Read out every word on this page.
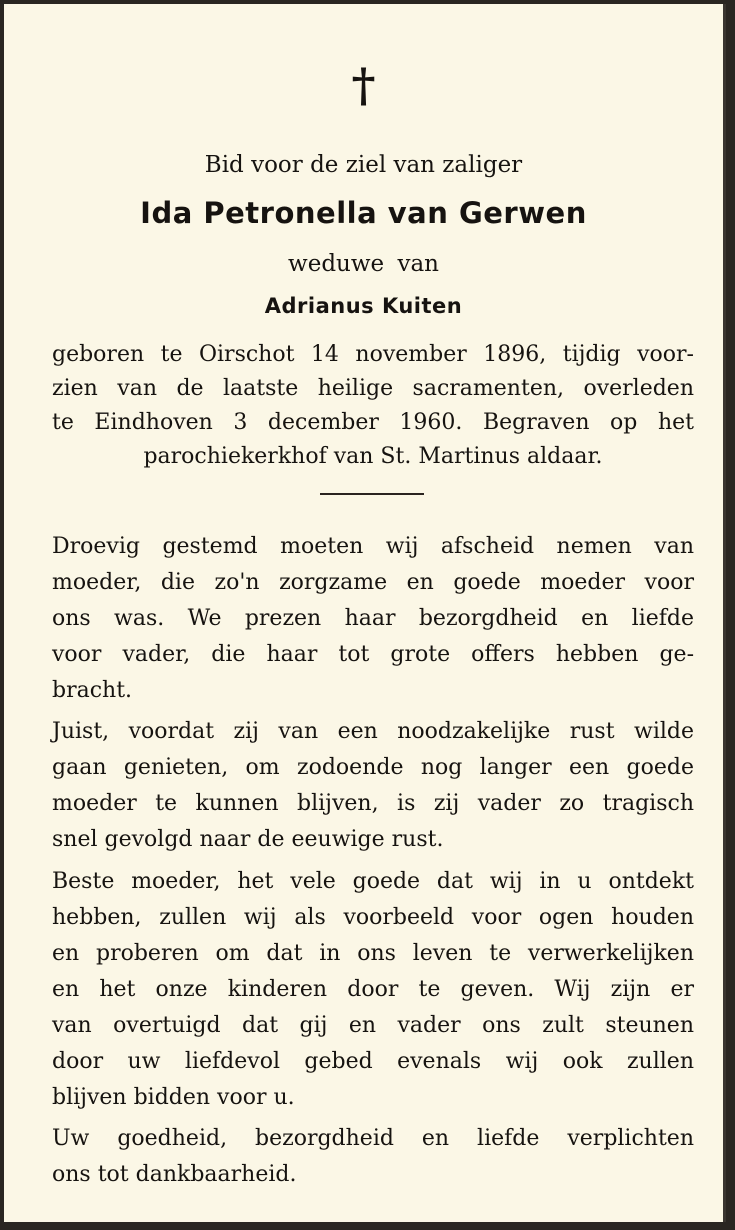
†
Bid voor de ziel van zaliger
Ida Petronella van Gerwen
weduwe van
Adrianus Kuiten
geboren te Oirschot 14 november 1896, tijdig voor-
zien van de laatste heilige sacramenten, overleden
te Eindhoven 3 december 1960. Begraven op het
parochiekerkhof van St. Martinus aldaar.
Droevig gestemd moeten wij afscheid nemen van
moeder, die zo'n zorgzame en goede moeder voor
ons was. We prezen haar bezorgdheid en liefde
voor vader, die haar tot grote offers hebben ge-
bracht.
Juist, voordat zij van een noodzakelijke rust wilde
gaan genieten, om zodoende nog langer een goede
moeder te kunnen blijven, is zij vader zo tragisch
snel gevolgd naar de eeuwige rust.
Beste moeder, het vele goede dat wij in u ontdekt
hebben, zullen wij als voorbeeld voor ogen houden
en proberen om dat in ons leven te verwerkelijken
en het onze kinderen door te geven. Wij zijn er
van overtuigd dat gij en vader ons zult steunen
door uw liefdevol gebed evenals wij ook zullen
blijven bidden voor u.
Uw goedheid, bezorgdheid en liefde verplichten
ons tot dankbaarheid.
